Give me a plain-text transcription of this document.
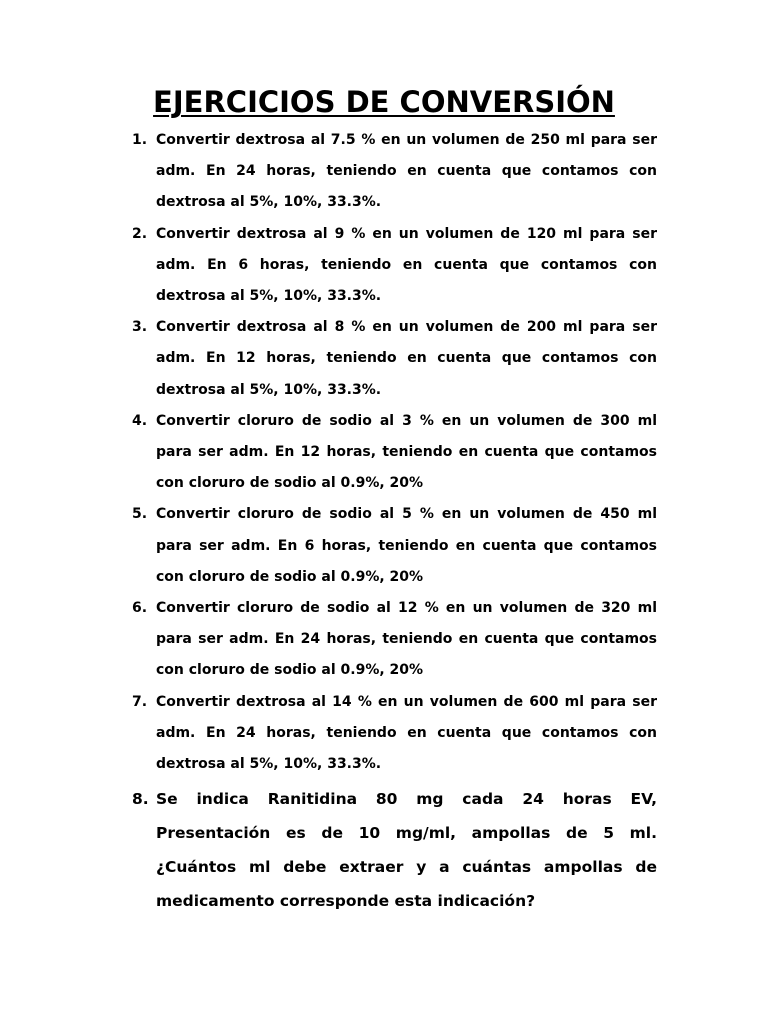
EJERCICIOS DE CONVERSIÓN
1. Convertir dextrosa al 7.5 % en un volumen de 250 ml para ser adm. En 24 horas, teniendo en cuenta que contamos con dextrosa al 5%, 10%, 33.3%.
2. Convertir dextrosa al 9 % en un volumen de 120 ml para ser adm. En 6 horas, teniendo en cuenta que contamos con dextrosa al 5%, 10%, 33.3%.
3. Convertir dextrosa al 8 % en un volumen de 200 ml para ser adm. En 12 horas, teniendo en cuenta que contamos con dextrosa al 5%, 10%, 33.3%.
4. Convertir cloruro de sodio al 3 % en un volumen de 300 ml para ser adm. En 12 horas, teniendo en cuenta que contamos con cloruro de sodio al 0.9%, 20%
5. Convertir cloruro de sodio al 5 % en un volumen de 450 ml para ser adm. En 6 horas, teniendo en cuenta que contamos con cloruro de sodio al 0.9%, 20%
6. Convertir cloruro de sodio al 12 % en un volumen de 320 ml para ser adm. En 24 horas, teniendo en cuenta que contamos con cloruro de sodio al 0.9%, 20%
7. Convertir dextrosa al 14 % en un volumen de 600 ml para ser adm. En 24 horas, teniendo en cuenta que contamos con dextrosa al 5%, 10%, 33.3%.
8. Se indica Ranitidina 80 mg cada 24 horas EV, Presentación es de 10 mg/ml, ampollas de 5 ml. ¿Cuántos ml debe extraer y a cuántas ampollas de medicamento corresponde esta indicación?
